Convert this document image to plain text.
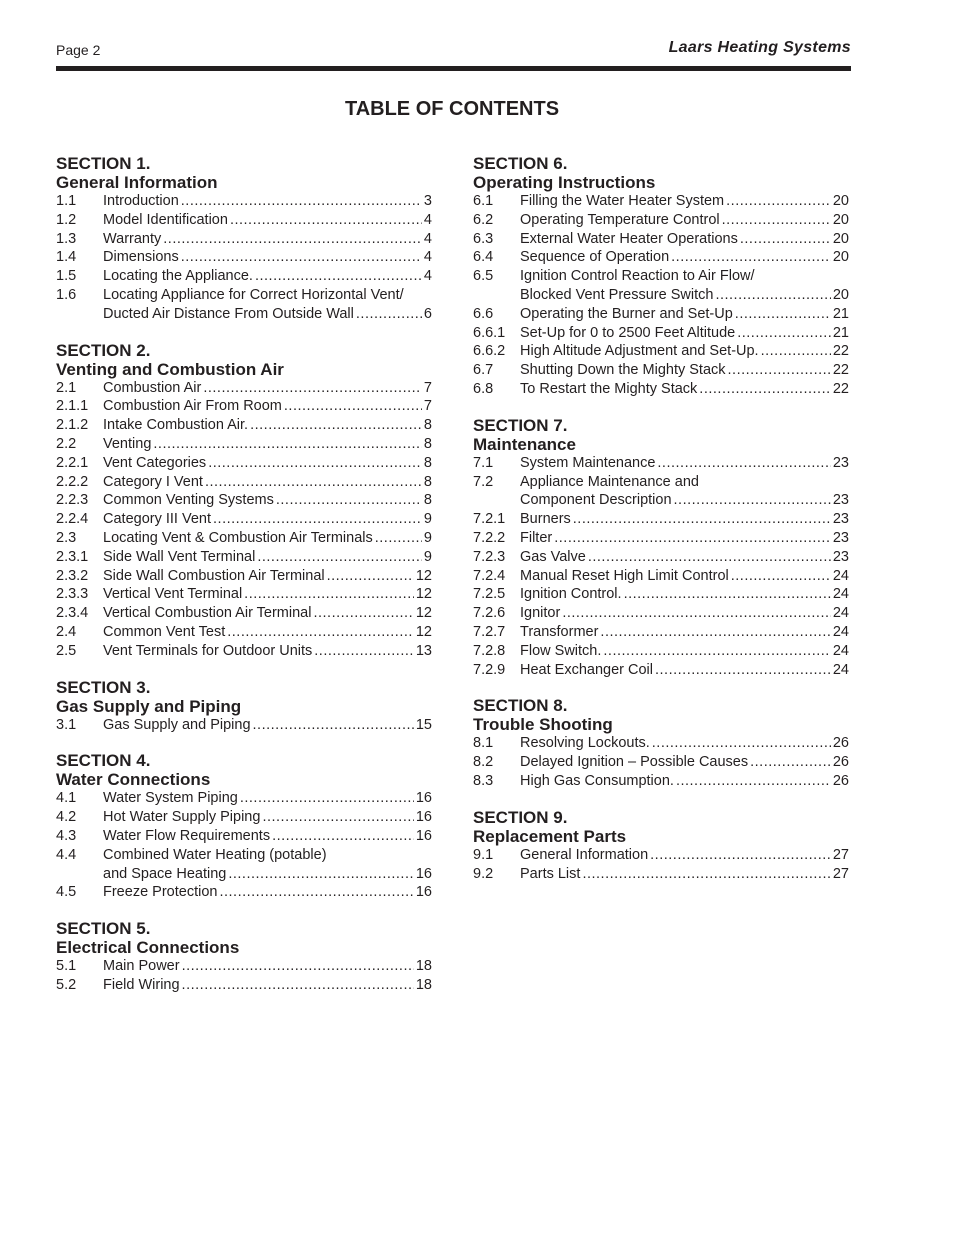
Page 2	Laars Heating Systems
TABLE OF CONTENTS
SECTION 1.
General Information
1.1	Introduction .....	3
1.2	Model Identification .....	4
1.3	Warranty .....	4
1.4	Dimensions .....	4
1.5	Locating the Appliance. .....	4
1.6	Locating Appliance for Correct Horizontal Vent/
Ducted Air Distance From Outside Wall .....	6
SECTION 2.
Venting and Combustion Air
2.1	Combustion Air .....	7
2.1.1	Combustion Air From Room .....	7
2.1.2	Intake Combustion Air. .....	8
2.2	Venting .....	8
2.2.1	Vent Categories .....	8
2.2.2	Category I Vent .....	8
2.2.3	Common Venting Systems .....	8
2.2.4	Category III Vent .....	9
2.3	Locating Vent & Combustion Air Terminals .....	9
2.3.1	Side Wall Vent Terminal .....	9
2.3.2	Side Wall Combustion Air Terminal .....	12
2.3.3	Vertical Vent Terminal .....	12
2.3.4	Vertical Combustion Air Terminal .....	12
2.4	Common Vent Test .....	12
2.5	Vent Terminals for Outdoor Units .....	13
SECTION 3.
Gas Supply and Piping
3.1	Gas Supply and Piping .....	15
SECTION 4.
Water Connections
4.1	Water System Piping .....	16
4.2	Hot Water Supply Piping .....	16
4.3	Water Flow Requirements .....	16
4.4	Combined Water Heating (potable)
and Space Heating .....	16
4.5	Freeze Protection .....	16
SECTION 5.
Electrical Connections
5.1	Main Power .....	18
5.2	Field Wiring .....	18
SECTION 6.
Operating Instructions
6.1	Filling the Water Heater System .....	20
6.2	Operating Temperature Control .....	20
6.3	External Water Heater Operations .....	20
6.4	Sequence of Operation .....	20
6.5	Ignition Control Reaction to Air Flow/
Blocked Vent Pressure Switch .....	20
6.6	Operating the Burner and Set-Up .....	21
6.6.1	Set-Up for 0 to 2500 Feet Altitude .....	21
6.6.2	High Altitude Adjustment and Set-Up. .....	22
6.7	Shutting Down the Mighty Stack .....	22
6.8	To Restart the Mighty Stack .....	22
SECTION 7.
Maintenance
7.1	System Maintenance .....	23
7.2	Appliance Maintenance and
Component Description .....	23
7.2.1	Burners .....	23
7.2.2	Filter .....	23
7.2.3	Gas Valve .....	23
7.2.4	Manual Reset High Limit Control .....	24
7.2.5	Ignition Control. .....	24
7.2.6	Ignitor .....	24
7.2.7	Transformer .....	24
7.2.8	Flow Switch. .....	24
7.2.9	Heat Exchanger Coil .....	24
SECTION 8.
Trouble Shooting
8.1	Resolving Lockouts. .....	26
8.2	Delayed Ignition – Possible Causes .....	26
8.3	High Gas Consumption. .....	26
SECTION 9.
Replacement Parts
9.1	General Information .....	27
9.2	Parts List .....	27
